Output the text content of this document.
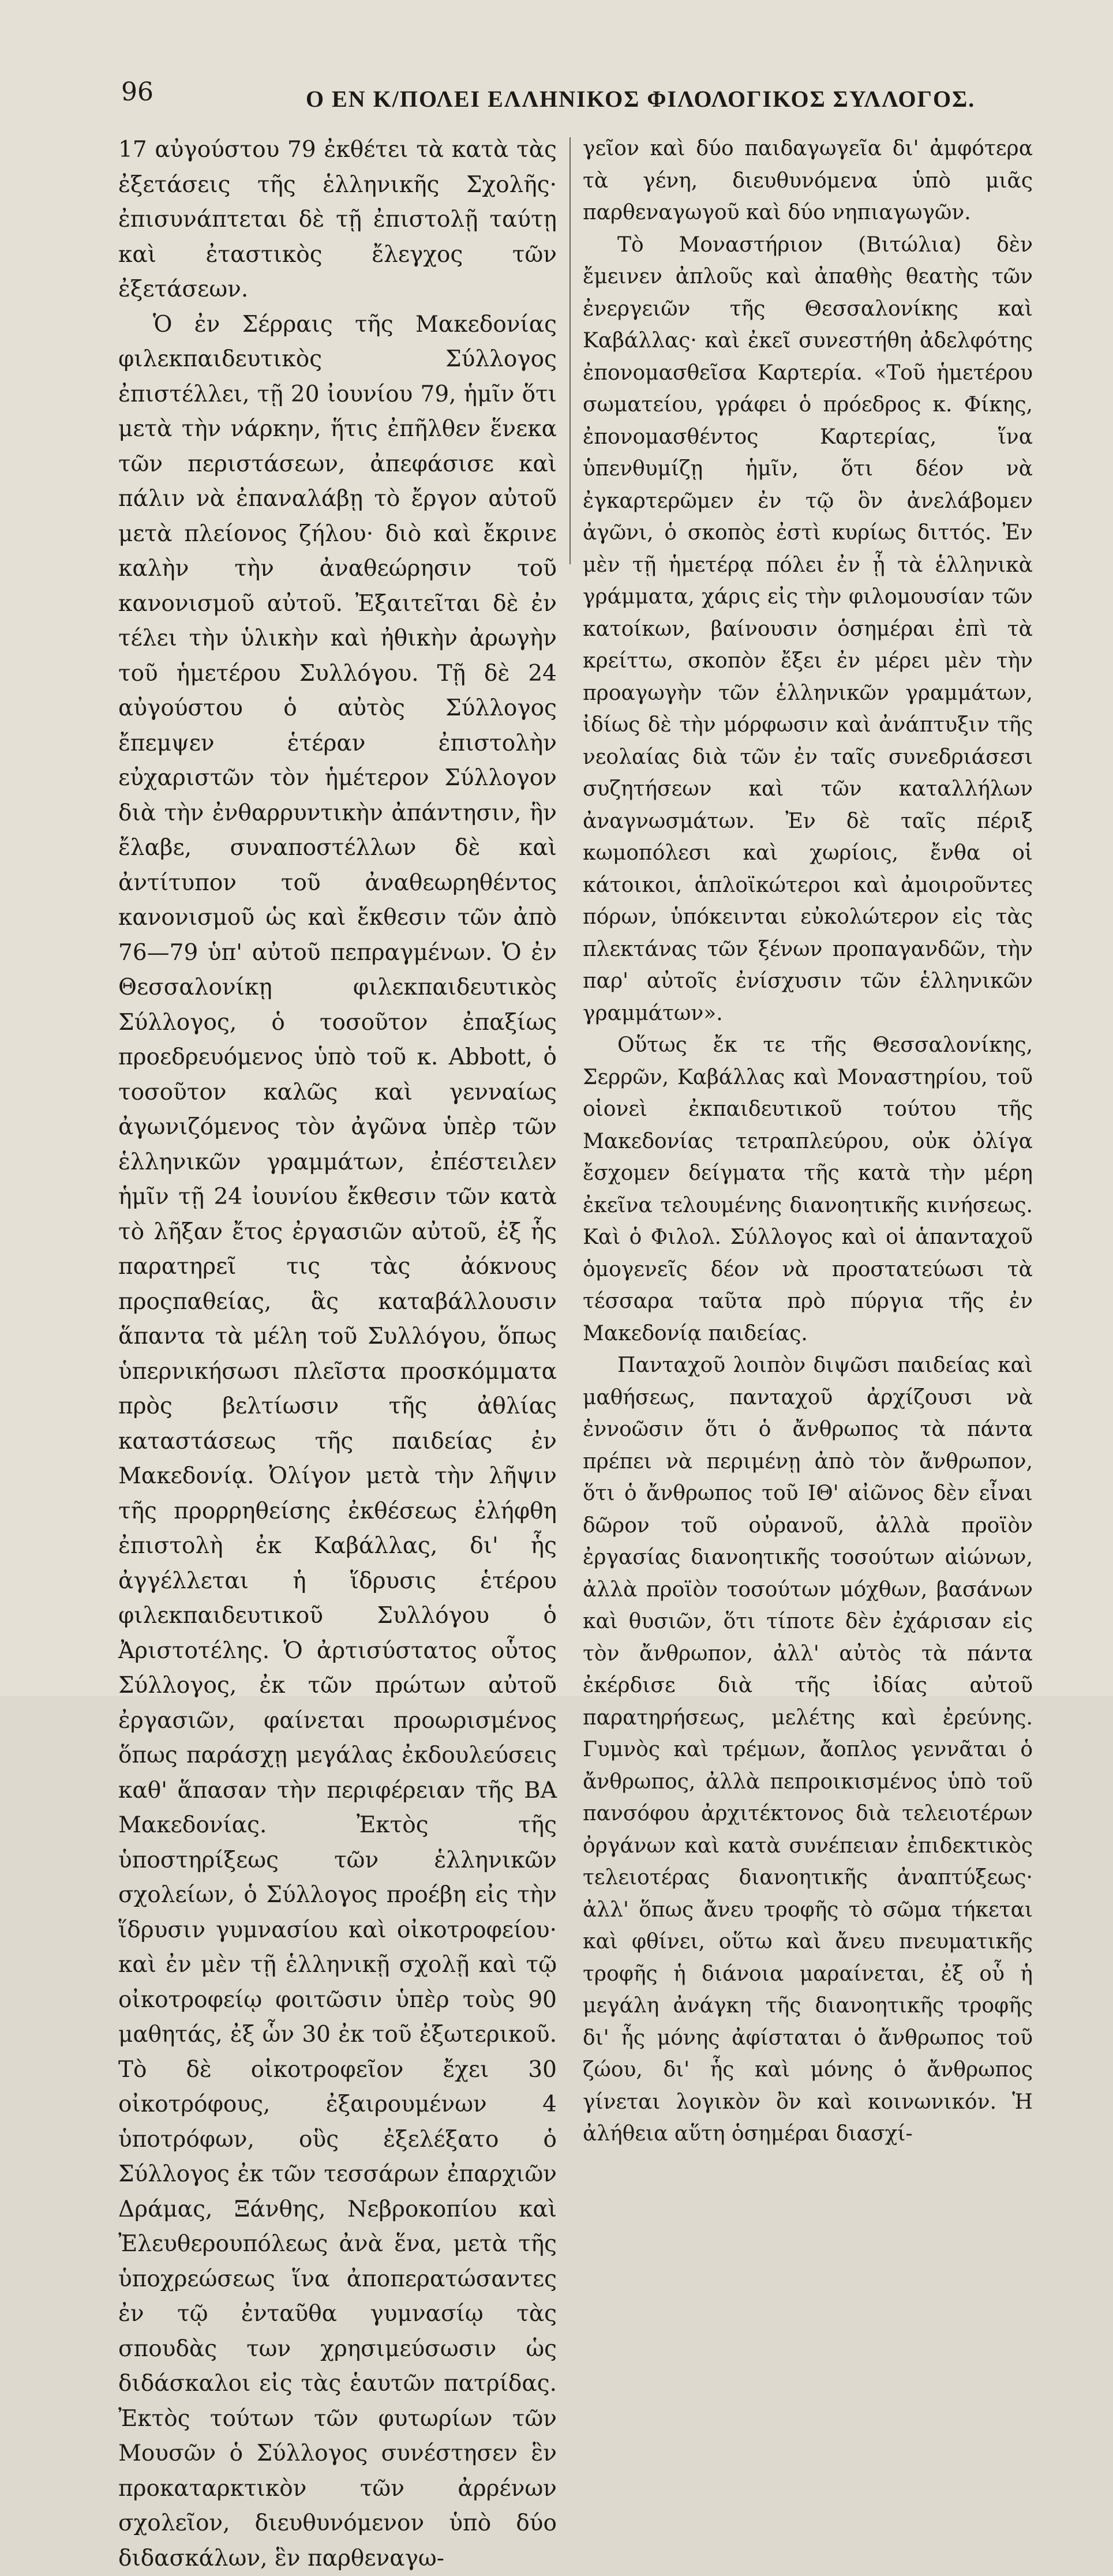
96	Ο ΕΝ Κ/ΠΟΛΕΙ ΕΛΛΗΝΙΚΟΣ ΦΙΛΟΛΟΓΙΚΟΣ ΣΥΛΛΟΓΟΣ.

17 αὐγούστου 79 ἐκθέτει τὰ κατὰ τὰς ἐξετάσεις τῆς ἑλληνικῆς Σχολῆς· ἐπισυνάπτεται δὲ τῇ ἐπιστολῇ ταύτῃ καὶ ἐταστικὸς ἔλεγχος τῶν ἐξετάσεων.

Ὁ ἐν Σέρραις τῆς Μακεδονίας φιλεκπαιδευτικὸς Σύλλογος ἐπιστέλλει, τῇ 20 ἰουνίου 79, ἡμῖν ὅτι μετὰ τὴν νάρκην, ἥτις ἐπῆλθεν ἕνεκα τῶν περιστάσεων, ἀπεφάσισε καὶ πάλιν νὰ ἐπαναλάβῃ τὸ ἔργον αὐτοῦ μετὰ πλείονος ζήλου· διὸ καὶ ἔκρινε καλὴν τὴν ἀναθεώρησιν τοῦ κανονισμοῦ αὐτοῦ. Ἐξαιτεῖται δὲ ἐν τέλει τὴν ὑλικὴν καὶ ἠθικὴν ἀρωγὴν τοῦ ἡμετέρου Συλλόγου. Τῇ δὲ 24 αὐγούστου ὁ αὐτὸς Σύλλογος ἔπεμψεν ἑτέραν ἐπιστολὴν εὐχαριστῶν τὸν ἡμέτερον Σύλλογον διὰ τὴν ἐνθαρρυντικὴν ἀπάντησιν, ἣν ἔλαβε, συναποστέλλων δὲ καὶ ἀντίτυπον τοῦ ἀναθεωρηθέντος κανονισμοῦ ὡς καὶ ἔκθεσιν τῶν ἀπὸ 76—79 ὑπ' αὐτοῦ πεπραγμένων. Ὁ ἐν Θεσσαλονίκῃ φιλεκπαιδευτικὸς Σύλλογος, ὁ τοσοῦτον ἐπαξίως προεδρευόμενος ὑπὸ τοῦ κ. Abbott, ὁ τοσοῦτον καλῶς καὶ γενναίως ἀγωνιζόμενος τὸν ἀγῶνα ὑπὲρ τῶν ἑλληνικῶν γραμμάτων, ἐπέστειλεν ἡμῖν τῇ 24 ἰουνίου ἔκθεσιν τῶν κατὰ τὸ λῆξαν ἔτος ἐργασιῶν αὐτοῦ, ἐξ ἧς παρατηρεῖ τις τὰς ἀόκνους προςπαθείας, ἃς καταβάλλουσιν ἅπαντα τὰ μέλη τοῦ Συλλόγου, ὅπως ὑπερνικήσωσι πλεῖστα προσκόμματα πρὸς βελτίωσιν τῆς ἀθλίας καταστάσεως τῆς παιδείας ἐν Μακεδονίᾳ. Ὀλίγον μετὰ τὴν λῆψιν τῆς προρρηθείσης ἐκθέσεως ἐλήφθη ἐπιστολὴ ἐκ Καβάλλας, δι' ἧς ἀγγέλλεται ἡ ἵδρυσις ἑτέρου φιλεκπαιδευτικοῦ Συλλόγου ὁ Ἀριστοτέλης. Ὁ ἀρτισύστατος οὗτος Σύλλογος, ἐκ τῶν πρώτων αὐτοῦ ἐργασιῶν, φαίνεται προωρισμένος ὅπως παράσχῃ μεγάλας ἐκδουλεύσεις καθ' ἅπασαν τὴν περιφέρειαν τῆς ΒΑ Μακεδονίας. Ἐκτὸς τῆς ὑποστηρίξεως τῶν ἑλληνικῶν σχολείων, ὁ Σύλλογος προέβη εἰς τὴν ἵδρυσιν γυμνασίου καὶ οἰκοτροφείου· καὶ ἐν μὲν τῇ ἑλληνικῇ σχολῇ καὶ τῷ οἰκοτροφείῳ φοιτῶσιν ὑπὲρ τοὺς 90 μαθητάς, ἐξ ὧν 30 ἐκ τοῦ ἐξωτερικοῦ. Τὸ δὲ οἰκοτροφεῖον ἔχει 30 οἰκοτρόφους, ἐξαιρουμένων 4 ὑποτρόφων, οὓς ἐξελέξατο ὁ Σύλλογος ἐκ τῶν τεσσάρων ἐπαρχιῶν Δράμας, Ξάνθης, Νεβροκοπίου καὶ Ἐλευθερουπόλεως ἀνὰ ἕνα, μετὰ τῆς ὑποχρεώσεως ἵνα ἀποπερατώσαντες ἐν τῷ ἐνταῦθα γυμνασίῳ τὰς σπουδὰς των χρησιμεύσωσιν ὡς διδάσκαλοι εἰς τὰς ἑαυτῶν πατρίδας. Ἐκτὸς τούτων τῶν φυτωρίων τῶν Μουσῶν ὁ Σύλλογος συνέστησεν ἓν προκαταρκτικὸν τῶν ἀρρένων σχολεῖον, διευθυνόμενον ὑπὸ δύο διδασκάλων, ἓν παρθεναγω-

γεῖον καὶ δύο παιδαγωγεῖα δι' ἀμφότερα τὰ γένη, διευθυνόμενα ὑπὸ μιᾶς παρθεναγωγοῦ καὶ δύο νηπιαγωγῶν.

Τὸ Μοναστήριον (Βιτώλια) δὲν ἔμεινεν ἀπλοῦς καὶ ἀπαθὴς θεατὴς τῶν ἐνεργειῶν τῆς Θεσσαλονίκης καὶ Καβάλλας· καὶ ἐκεῖ συνεστήθη ἀδελφότης ἐπονομασθεῖσα Καρτερία. «Τοῦ ἡμετέρου σωματείου, γράφει ὁ πρόεδρος κ. Φίκης, ἐπονομασθέντος Καρτερίας, ἵνα ὑπενθυμίζῃ ἡμῖν, ὅτι δέον νὰ ἐγκαρτερῶμεν ἐν τῷ ὃν ἀνελάβομεν ἀγῶνι, ὁ σκοπὸς ἐστὶ κυρίως διττός. Ἐν μὲν τῇ ἡμετέρᾳ πόλει ἐν ᾗ τὰ ἑλληνικὰ γράμματα, χάρις εἰς τὴν φιλομουσίαν τῶν κατοίκων, βαίνουσιν ὁσημέραι ἐπὶ τὰ κρείττω, σκοπὸν ἔξει ἐν μέρει μὲν τὴν προαγωγὴν τῶν ἑλληνικῶν γραμμάτων, ἰδίως δὲ τὴν μόρφωσιν καὶ ἀνάπτυξιν τῆς νεολαίας διὰ τῶν ἐν ταῖς συνεδριάσεσι συζητήσεων καὶ τῶν καταλλήλων ἀναγνωσμάτων. Ἐν δὲ ταῖς πέριξ κωμοπόλεσι καὶ χωρίοις, ἔνθα οἱ κάτοικοι, ἁπλοϊκώτεροι καὶ ἀμοιροῦντες πόρων, ὑπόκεινται εὐκολώτερον εἰς τὰς πλεκτάνας τῶν ξένων προπαγανδῶν, τὴν παρ' αὐτοῖς ἐνίσχυσιν τῶν ἑλληνικῶν γραμμάτων».

Οὕτως ἔκ τε τῆς Θεσσαλονίκης, Σερρῶν, Καβάλλας καὶ Μοναστηρίου, τοῦ οἱονεὶ ἐκπαιδευτικοῦ τούτου τῆς Μακεδονίας τετραπλεύρου, οὐκ ὀλίγα ἔσχομεν δείγματα τῆς κατὰ τὴν μέρη ἐκεῖνα τελουμένης διανοητικῆς κινήσεως. Καὶ ὁ Φιλολ. Σύλλογος καὶ οἱ ἁπανταχοῦ ὁμογενεῖς δέον νὰ προστατεύωσι τὰ τέσσαρα ταῦτα πρὸ πύργια τῆς ἐν Μακεδονίᾳ παιδείας.

Πανταχοῦ λοιπὸν διψῶσι παιδείας καὶ μαθήσεως, πανταχοῦ ἀρχίζουσι νὰ ἐννοῶσιν ὅτι ὁ ἄνθρωπος τὰ πάντα πρέπει νὰ περιμένῃ ἀπὸ τὸν ἄνθρωπον, ὅτι ὁ ἄνθρωπος τοῦ ΙΘ' αἰῶνος δὲν εἶναι δῶρον τοῦ οὐρανοῦ, ἀλλὰ προϊὸν ἐργασίας διανοητικῆς τοσούτων αἰώνων, ἀλλὰ προϊὸν τοσούτων μόχθων, βασάνων καὶ θυσιῶν, ὅτι τίποτε δὲν ἐχάρισαν εἰς τὸν ἄνθρωπον, ἀλλ' αὐτὸς τὰ πάντα ἐκέρδισε διὰ τῆς ἰδίας αὐτοῦ παρατηρήσεως, μελέτης καὶ ἐρεύνης. Γυμνὸς καὶ τρέμων, ἄοπλος γεννᾶται ὁ ἄνθρωπος, ἀλλὰ πεπροικισμένος ὑπὸ τοῦ πανσόφου ἀρχιτέκτονος διὰ τελειοτέρων ὀργάνων καὶ κατὰ συνέπειαν ἐπιδεκτικὸς τελειοτέρας διανοητικῆς ἀναπτύξεως· ἀλλ' ὅπως ἄνευ τροφῆς τὸ σῶμα τήκεται καὶ φθίνει, οὕτω καὶ ἄνευ πνευματικῆς τροφῆς ἡ διάνοια μαραίνεται, ἐξ οὗ ἡ μεγάλη ἀνάγκη τῆς διανοητικῆς τροφῆς δι' ἧς μόνης ἀφίσταται ὁ ἄνθρωπος τοῦ ζώου, δι' ἧς καὶ μόνης ὁ ἄνθρωπος γίνεται λογικὸν ὂν καὶ κοινωνικόν. Ἡ ἀλήθεια αὕτη ὁσημέραι διασχί-
